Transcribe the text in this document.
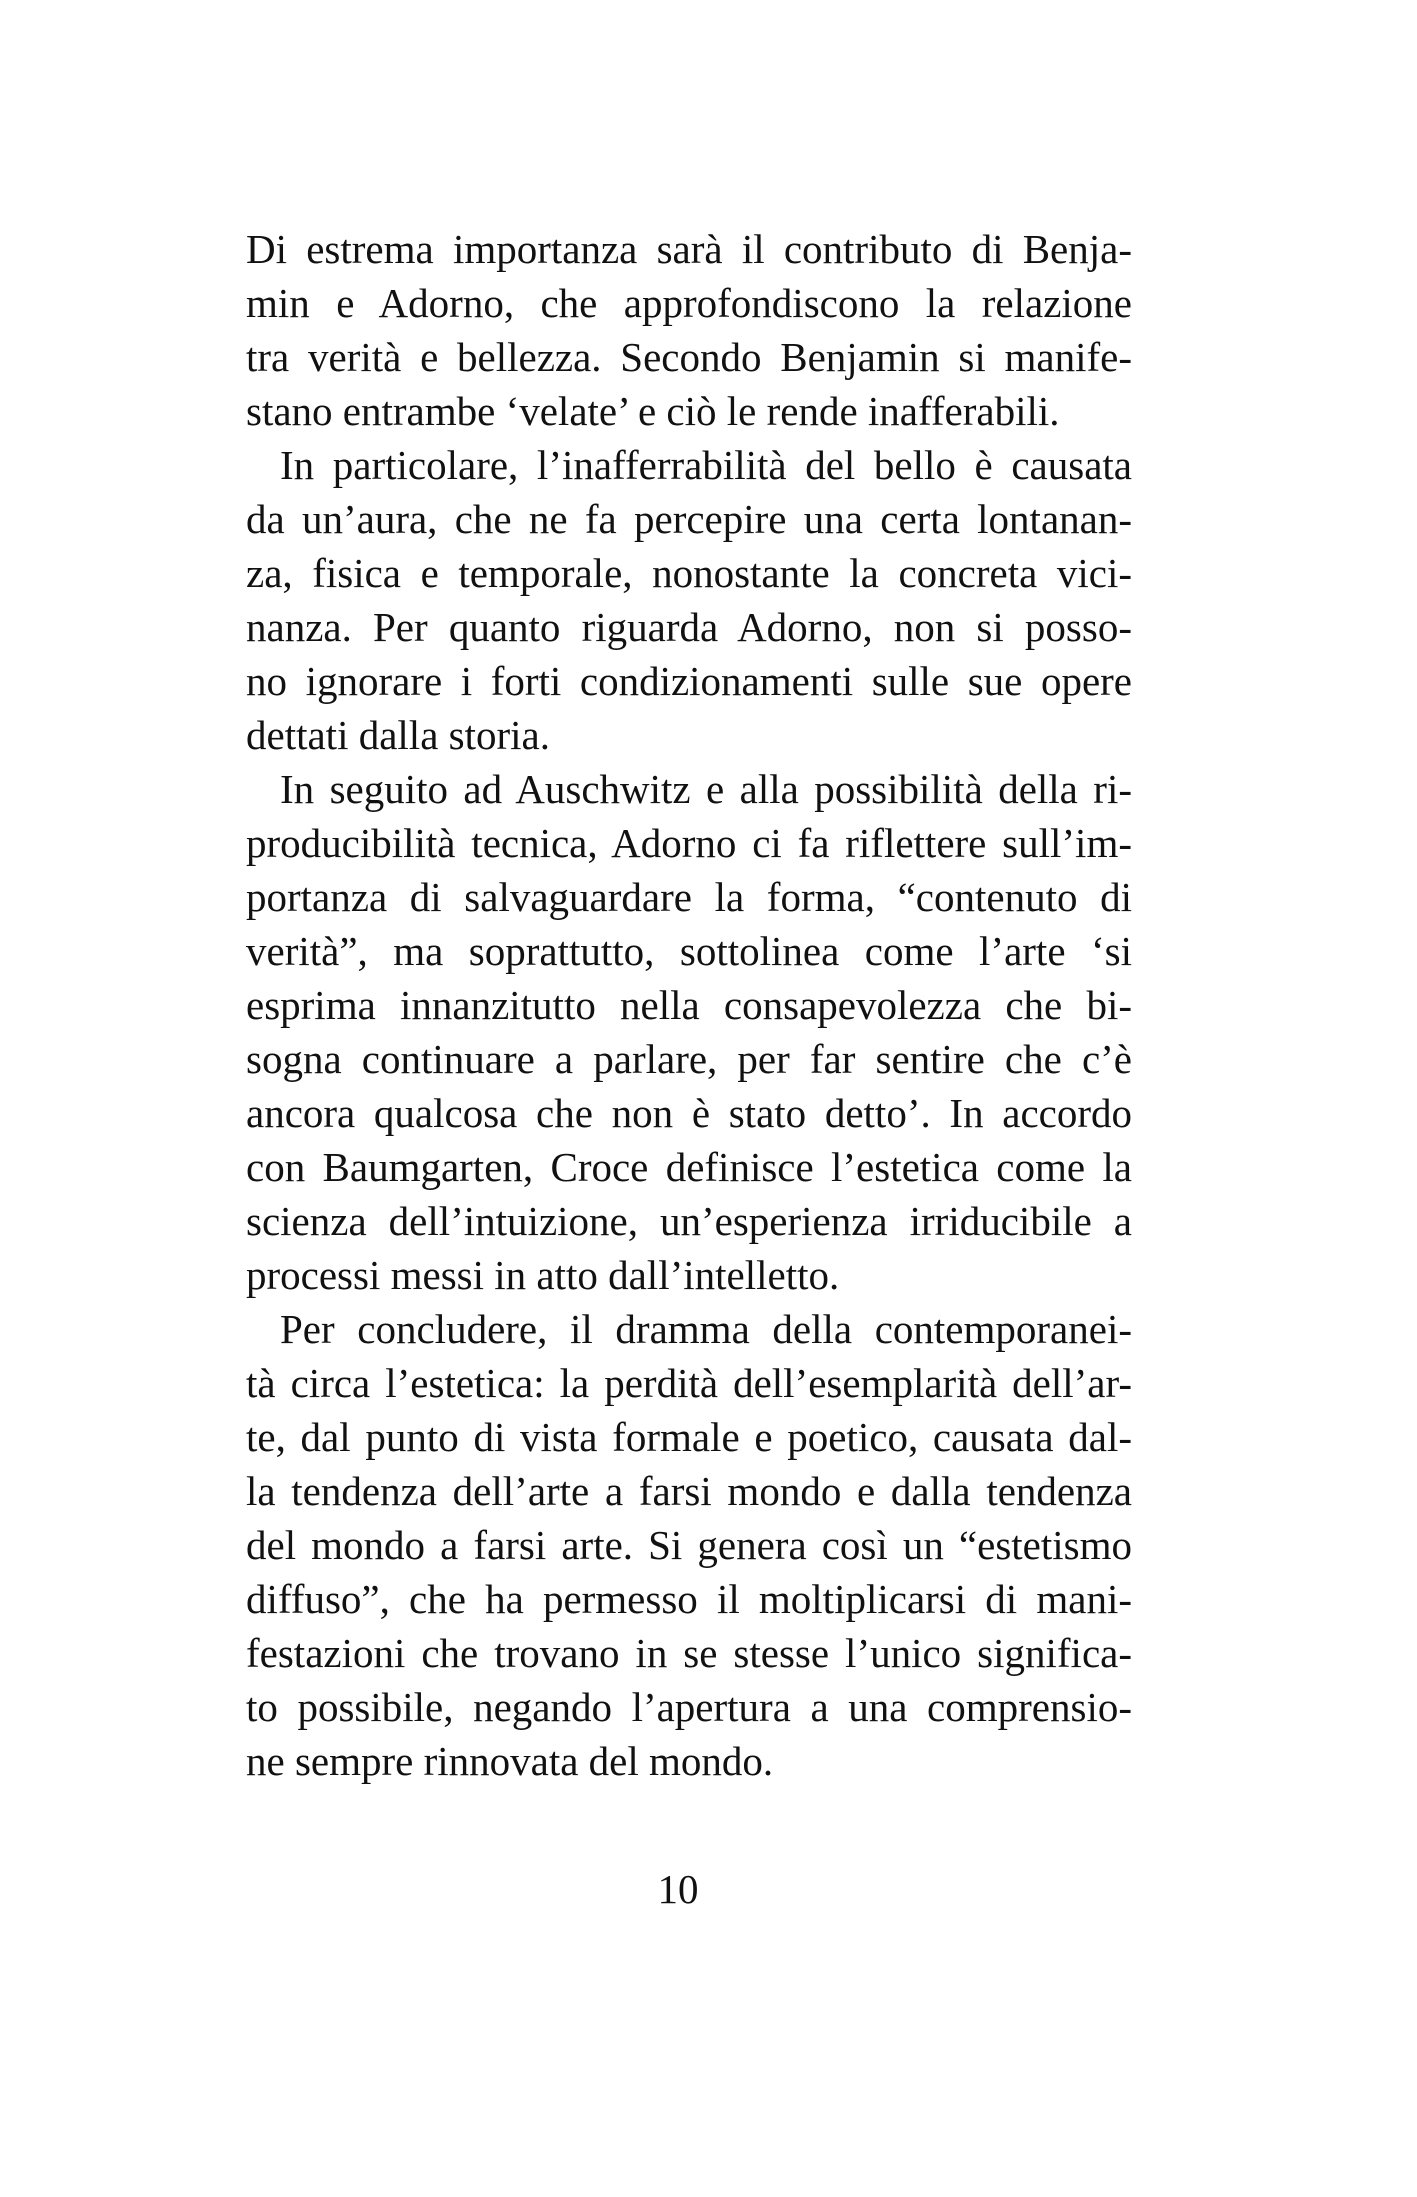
Di estrema importanza sarà il contributo di Benja-
min e Adorno, che approfondiscono la relazione
tra verità e bellezza. Secondo Benjamin si manife-
stano entrambe ‘velate’ e ciò le rende inafferabili.
In particolare, l’inafferrabilità del bello è causata
da un’aura, che ne fa percepire una certa lontanan-
za, fisica e temporale, nonostante la concreta vici-
nanza. Per quanto riguarda Adorno, non si posso-
no ignorare i forti condizionamenti sulle sue opere
dettati dalla storia.
In seguito ad Auschwitz e alla possibilità della ri-
producibilità tecnica, Adorno ci fa riflettere sull’im-
portanza di salvaguardare la forma, “contenuto di
verità”, ma soprattutto, sottolinea come l’arte ‘si
esprima innanzitutto nella consapevolezza che bi-
sogna continuare a parlare, per far sentire che c’è
ancora qualcosa che non è stato detto’. In accordo
con Baumgarten, Croce definisce l’estetica come la
scienza dell’intuizione, un’esperienza irriducibile a
processi messi in atto dall’intelletto.
Per concludere, il dramma della contemporanei-
tà circa l’estetica: la perdità dell’esemplarità dell’ar-
te, dal punto di vista formale e poetico, causata dal-
la tendenza dell’arte a farsi mondo e dalla tendenza
del mondo a farsi arte. Si genera così un “estetismo
diffuso”, che ha permesso il moltiplicarsi di mani-
festazioni che trovano in se stesse l’unico significa-
to possibile, negando l’apertura a una comprensio-
ne sempre rinnovata del mondo.
10
